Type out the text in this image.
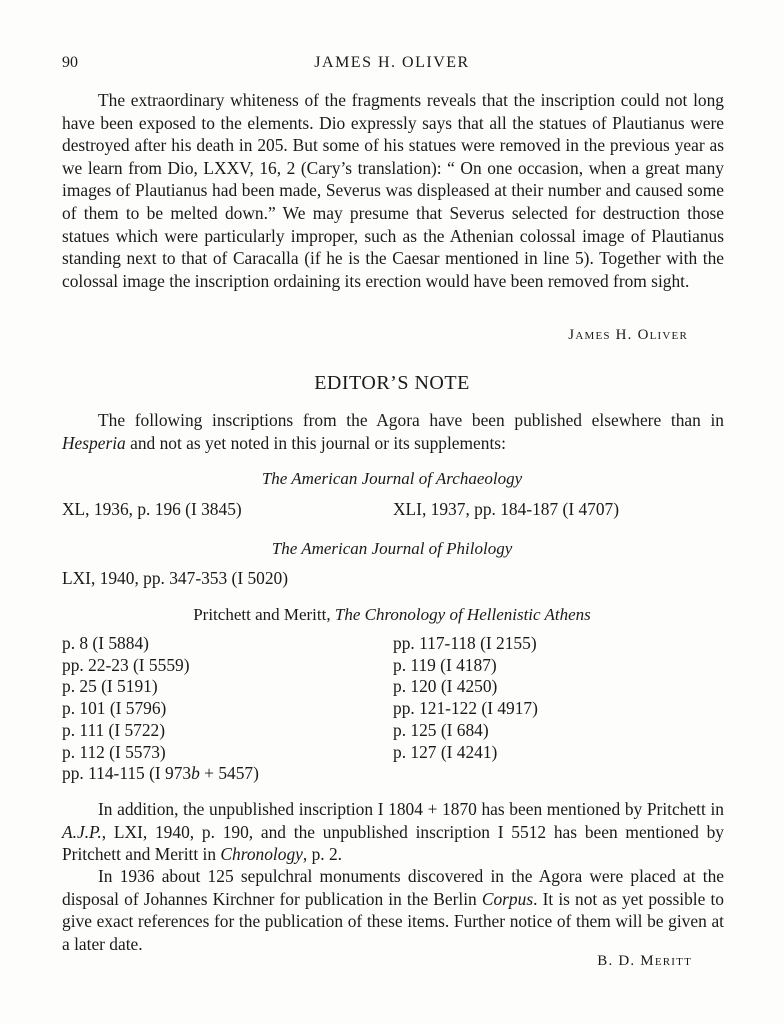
90	JAMES H. OLIVER

The extraordinary whiteness of the fragments reveals that the inscription could not long have been exposed to the elements. Dio expressly says that all the statues of Plautianus were destroyed after his death in 205. But some of his statues were removed in the previous year as we learn from Dio, LXXV, 16, 2 (Cary’s translation): “ On one occasion, when a great many images of Plautianus had been made, Severus was displeased at their number and caused some of them to be melted down.” We may presume that Severus selected for destruction those statues which were particularly improper, such as the Athenian colossal image of Plautianus standing next to that of Caracalla (if he is the Caesar mentioned in line 5). Together with the colossal image the inscription ordaining its erection would have been removed from sight.

James H. Oliver
EDITOR’S NOTE

The following inscriptions from the Agora have been published elsewhere than in Hesperia and not as yet noted in this journal or its supplements:

The American Journal of Archaeology
XL, 1936, p. 196 (I 3845)	XLI, 1937, pp. 184-187 (I 4707)
The American Journal of Philology
LXI, 1940, pp. 347-353 (I 5020)
Pritchett and Meritt, The Chronology of Hellenistic Athens
p. 8 (I 5884)
pp. 22-23 (I 5559)
p. 25 (I 5191)
p. 101 (I 5796)
p. 111 (I 5722)
p. 112 (I 5573)
pp. 114-115 (I 973b + 5457)
pp. 117-118 (I 2155)
p. 119 (I 4187)
p. 120 (I 4250)
pp. 121-122 (I 4917)
p. 125 (I 684)
p. 127 (I 4241)

In addition, the unpublished inscription I 1804 + 1870 has been mentioned by Pritchett in A.J.P., LXI, 1940, p. 190, and the unpublished inscription I 5512 has been mentioned by Pritchett and Meritt in Chronology, p. 2.

In 1936 about 125 sepulchral monuments discovered in the Agora were placed at the disposal of Johannes Kirchner for publication in the Berlin Corpus. It is not as yet possible to give exact references for the publication of these items. Further notice of them will be given at a later date.

B. D. Meritt
